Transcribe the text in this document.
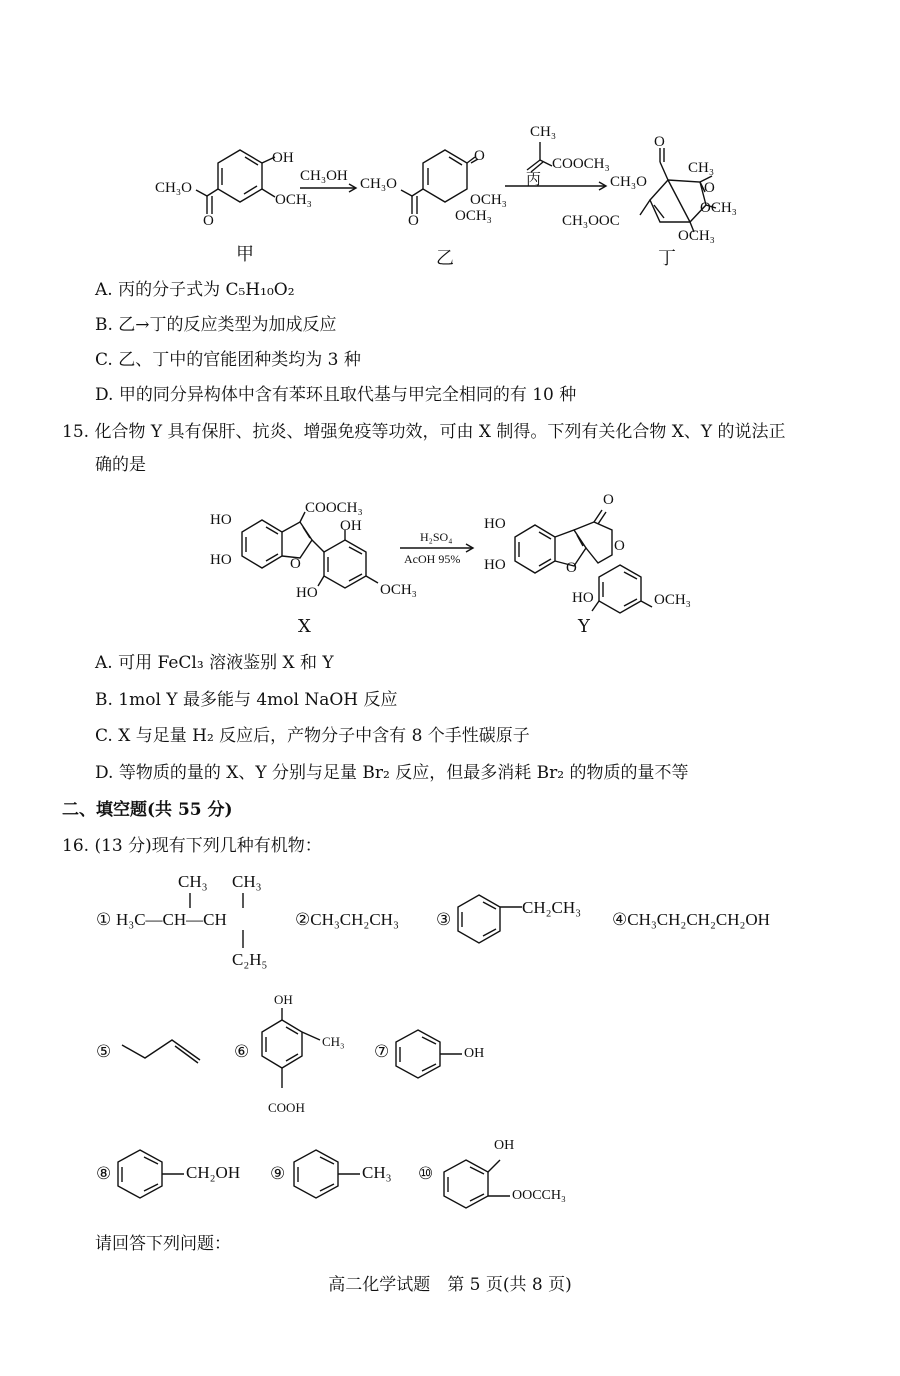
OH
CH₃O
OCH₃
O
CH₃OH CH₃O
O
OCH₃
OCH₃
O
CH₃
COOCH₃
丙
O
CH₃O
CH₃
O
OCH₃
CH₃OOC
OCH₃
甲	乙	丁
A. 丙的分子式为 C₅H₁₀O₂
B. 乙→丁的反应类型为加成反应
C. 乙、丁中的官能团种类均为 3 种
D. 甲的同分异构体中含有苯环且取代基与甲完全相同的有 10 种
15. 化合物 Y 具有保肝、抗炎、增强免疫等功效，可由 X 制得。下列有关化合物 X、Y 的说法正
确的是
HO
HO
COOCH₃
OH
O
HO	OCH₃
H₂SO₄
AcOH 95%
HO
HO
O
O
O
HO	OCH₃
X	Y
A. 可用 FeCl₃ 溶液鉴别 X 和 Y
B. 1mol Y 最多能与 4mol NaOH 反应
C. X 与足量 H₂ 反应后，产物分子中含有 8 个手性碳原子
D. 等物质的量的 X、Y 分别与足量 Br₂ 反应，但最多消耗 Br₂ 的物质的量不等
二、填空题(共 55 分)
16. (13 分)现有下列几种有机物：
① H₃C—CH—CH
CH₃ CH₃
C₂H₅
②CH₃CH₂CH₃ ③
CH₂CH₃
④CH₃CH₂CH₂CH₂OH
⑤	⑥
OH
CH₃
COOH
⑦	OH
⑧	CH₂OH ⑨	CH₃ ⑩
OH
OOCCH₃
请回答下列问题：
高二化学试题　第 5 页(共 8 页)
